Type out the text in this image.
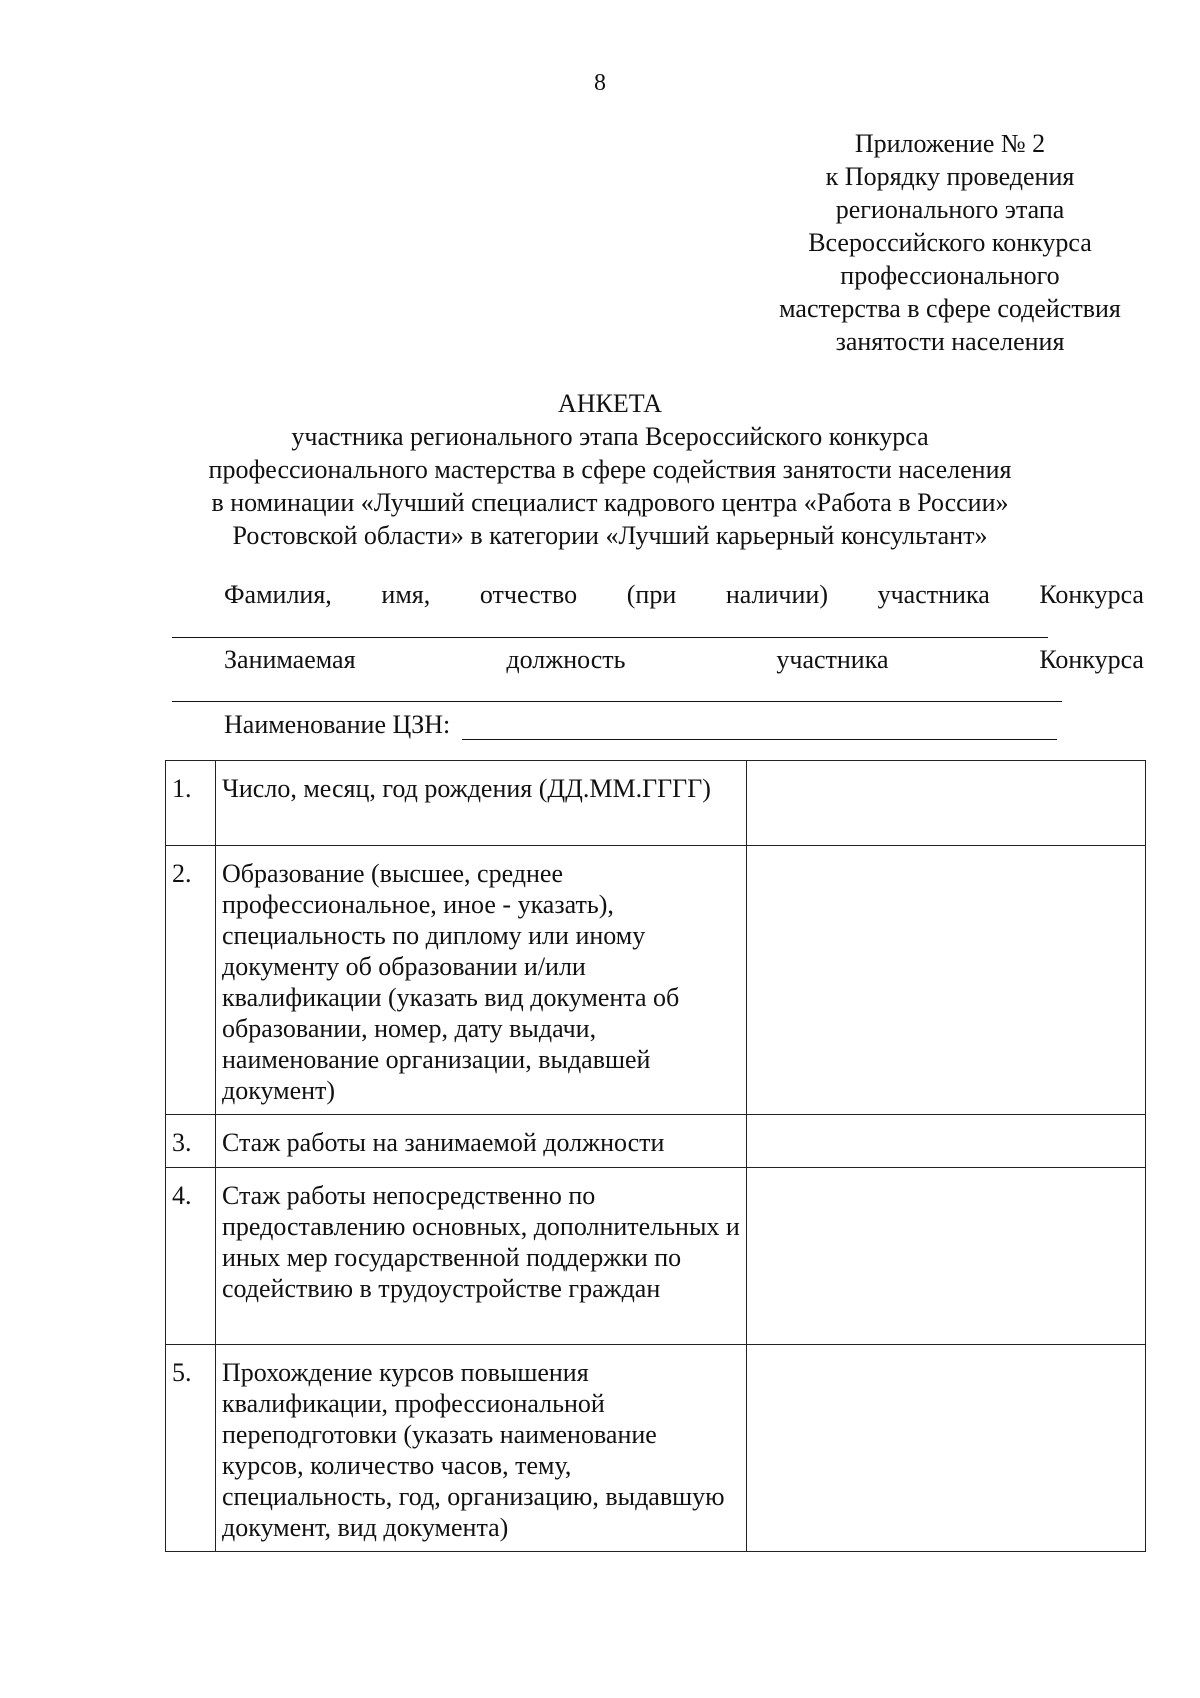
8
Приложение № 2
к Порядку проведения
регионального этапа
Всероссийского конкурса
профессионального
мастерства в сфере содействия
занятости населения
АНКЕТА
участника регионального этапа Всероссийского конкурса
профессионального мастерства в сфере содействия занятости населения
в номинации «Лучший специалист кадрового центра «Работа в России»
Ростовской области» в категории «Лучший карьерный консультант»
Фамилия, имя, отчество (при наличии) участника Конкурса
Занимаемая	должность	участника	Конкурса
Наименование ЦЗН:
1.	Число, месяц, год рождения (ДД.ММ.ГГГГ)	
2.	Образование (высшее, среднее профессиональное, иное - указать), специальность по диплому или иному документу об образовании и/или квалификации (указать вид документа об образовании, номер, дату выдачи, наименование организации, выдавшей документ)	
3.	Стаж работы на занимаемой должности	
4.	Стаж работы непосредственно по предоставлению основных, дополнительных и иных мер государственной поддержки по содействию в трудоустройстве граждан	
5.	Прохождение курсов повышения квалификации, профессиональной переподготовки (указать наименование курсов, количество часов, тему, специальность, год, организацию, выдавшую документ, вид документа)	
